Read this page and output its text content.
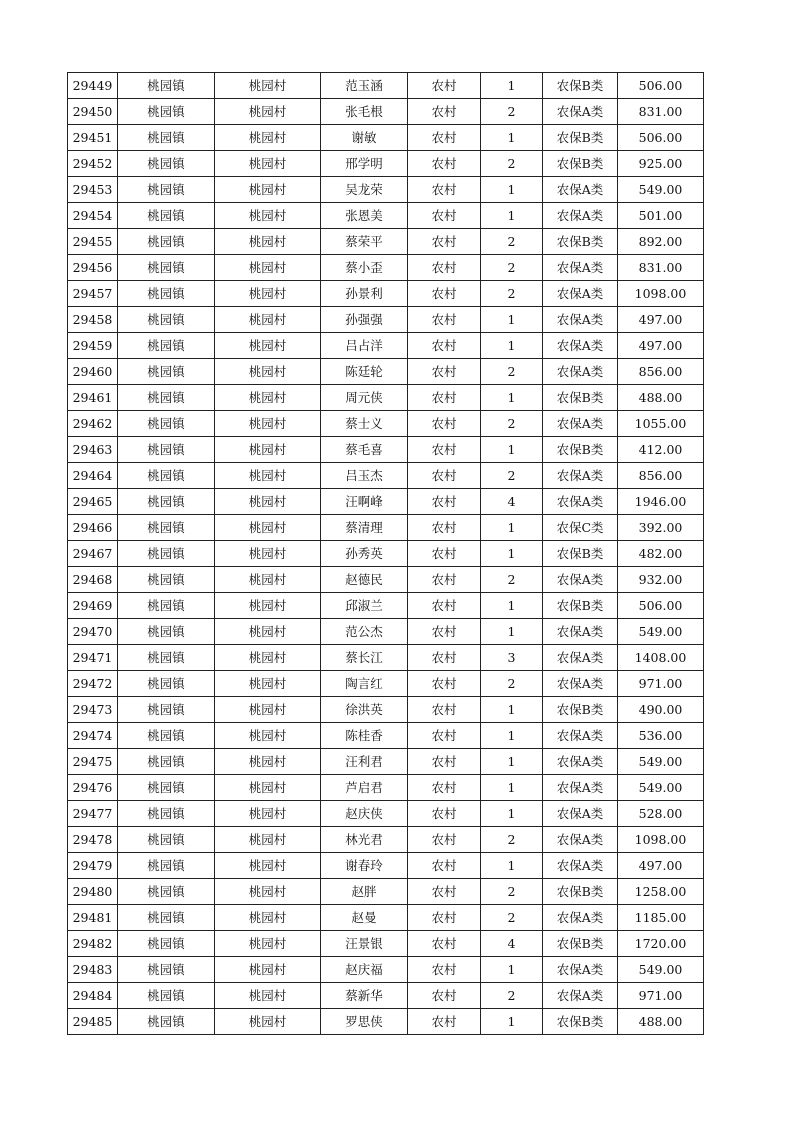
29449	桃园镇	桃园村	范玉涵	农村	1	农保B类	506.00
29450	桃园镇	桃园村	张毛根	农村	2	农保A类	831.00
29451	桃园镇	桃园村	谢敏	农村	1	农保B类	506.00
29452	桃园镇	桃园村	邢学明	农村	2	农保B类	925.00
29453	桃园镇	桃园村	吴龙荣	农村	1	农保A类	549.00
29454	桃园镇	桃园村	张恩美	农村	1	农保A类	501.00
29455	桃园镇	桃园村	蔡荣平	农村	2	农保B类	892.00
29456	桃园镇	桃园村	蔡小歪	农村	2	农保A类	831.00
29457	桃园镇	桃园村	孙景利	农村	2	农保A类	1098.00
29458	桃园镇	桃园村	孙强强	农村	1	农保A类	497.00
29459	桃园镇	桃园村	吕占洋	农村	1	农保A类	497.00
29460	桃园镇	桃园村	陈廷轮	农村	2	农保A类	856.00
29461	桃园镇	桃园村	周元侠	农村	1	农保B类	488.00
29462	桃园镇	桃园村	蔡士义	农村	2	农保A类	1055.00
29463	桃园镇	桃园村	蔡毛喜	农村	1	农保B类	412.00
29464	桃园镇	桃园村	吕玉杰	农村	2	农保A类	856.00
29465	桃园镇	桃园村	汪啊峰	农村	4	农保A类	1946.00
29466	桃园镇	桃园村	蔡清理	农村	1	农保C类	392.00
29467	桃园镇	桃园村	孙秀英	农村	1	农保B类	482.00
29468	桃园镇	桃园村	赵德民	农村	2	农保A类	932.00
29469	桃园镇	桃园村	邱淑兰	农村	1	农保B类	506.00
29470	桃园镇	桃园村	范公杰	农村	1	农保A类	549.00
29471	桃园镇	桃园村	蔡长江	农村	3	农保A类	1408.00
29472	桃园镇	桃园村	陶言红	农村	2	农保A类	971.00
29473	桃园镇	桃园村	徐洪英	农村	1	农保B类	490.00
29474	桃园镇	桃园村	陈桂香	农村	1	农保A类	536.00
29475	桃园镇	桃园村	汪利君	农村	1	农保A类	549.00
29476	桃园镇	桃园村	芦启君	农村	1	农保A类	549.00
29477	桃园镇	桃园村	赵庆侠	农村	1	农保A类	528.00
29478	桃园镇	桃园村	林光君	农村	2	农保A类	1098.00
29479	桃园镇	桃园村	谢春玲	农村	1	农保A类	497.00
29480	桃园镇	桃园村	赵胖	农村	2	农保B类	1258.00
29481	桃园镇	桃园村	赵曼	农村	2	农保A类	1185.00
29482	桃园镇	桃园村	汪景银	农村	4	农保B类	1720.00
29483	桃园镇	桃园村	赵庆福	农村	1	农保A类	549.00
29484	桃园镇	桃园村	蔡新华	农村	2	农保A类	971.00
29485	桃园镇	桃园村	罗思侠	农村	1	农保B类	488.00
